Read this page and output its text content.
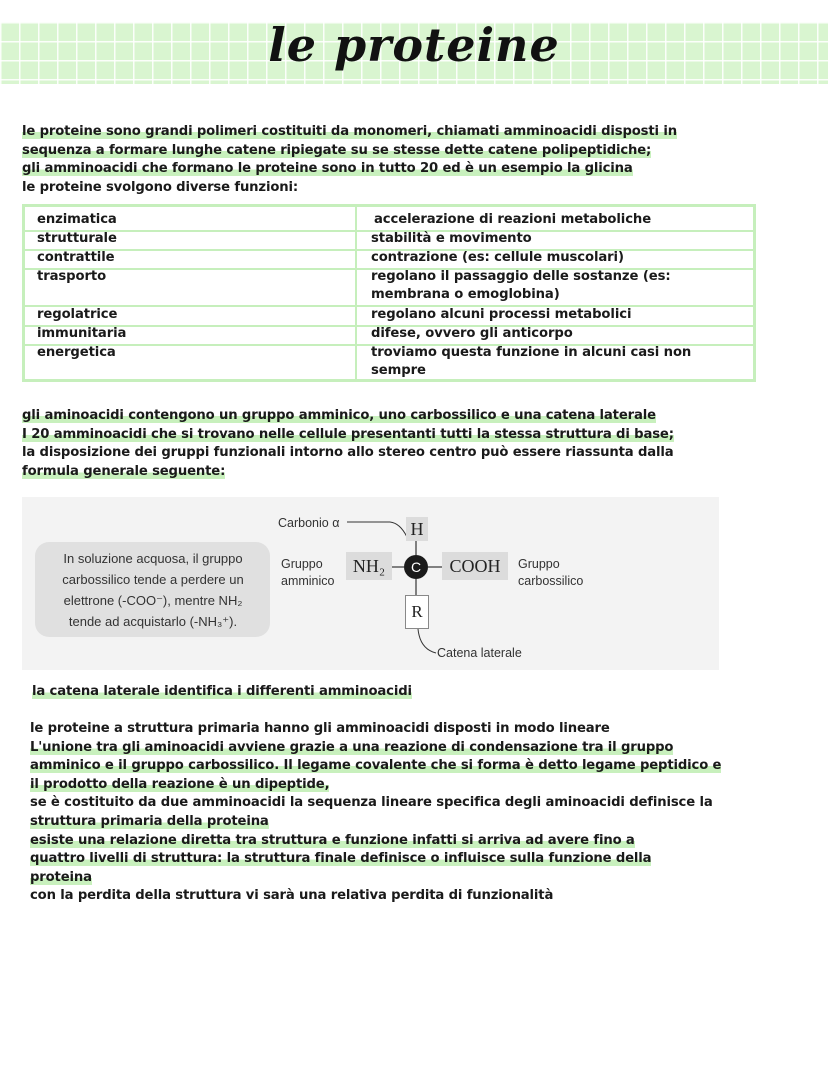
le proteine

le proteine sono grandi polimeri costituiti da monomeri, chiamati amminoacidi disposti in

sequenza a formare lunghe catene ripiegate su se stesse dette catene polipeptidiche;

gli amminoacidi che formano le proteine sono in tutto 20 ed è un esempio la glicina

le proteine svolgono diverse funzioni:

enzimatica	accelerazione di reazioni metaboliche
strutturale	stabilità e movimento
contrattile	contrazione (es: cellule muscolari)
trasporto	regolano il passaggio delle sostanze (es:
membrana o emoglobina)
regolatrice	regolano alcuni processi metabolici
immunitaria	difese, ovvero gli anticorpo
energetica	troviamo questa funzione in alcuni casi non
sempre

gli aminoacidi contengono un gruppo amminico, uno carbossilico e una catena laterale

I 20 amminoacidi che si trovano nelle cellule presentanti tutti la stessa struttura di base;

la disposizione dei gruppi funzionali intorno allo stereo centro può essere riassunta dalla

formula generale seguente:

In soluzione acquosa, il gruppo

carbossilico tende a perdere un

elettrone (-COO⁻), mentre NH₂

tende ad acquistarlo (-NH₃⁺).

Carbonio α

Gruppo

amminico

Gruppo

carbossilico

Catena laterale
H
NH₂	C	COOH
R

la catena laterale identifica i differenti amminoacidi

le proteine a struttura primaria hanno gli amminoacidi disposti in modo lineare

L'unione tra gli aminoacidi avviene grazie a una reazione di condensazione tra il gruppo

amminico e il gruppo carbossilico. Il legame covalente che si forma è detto legame peptidico e

il prodotto della reazione è un dipeptide,

se è costituito da due amminoacidi la sequenza lineare specifica degli aminoacidi definisce la

struttura primaria della proteina

esiste una relazione diretta tra struttura e funzione infatti si arriva ad avere fino a

quattro livelli di struttura: la struttura finale definisce o influisce sulla funzione della

proteina

con la perdita della struttura vi sarà una relativa perdita di funzionalità
